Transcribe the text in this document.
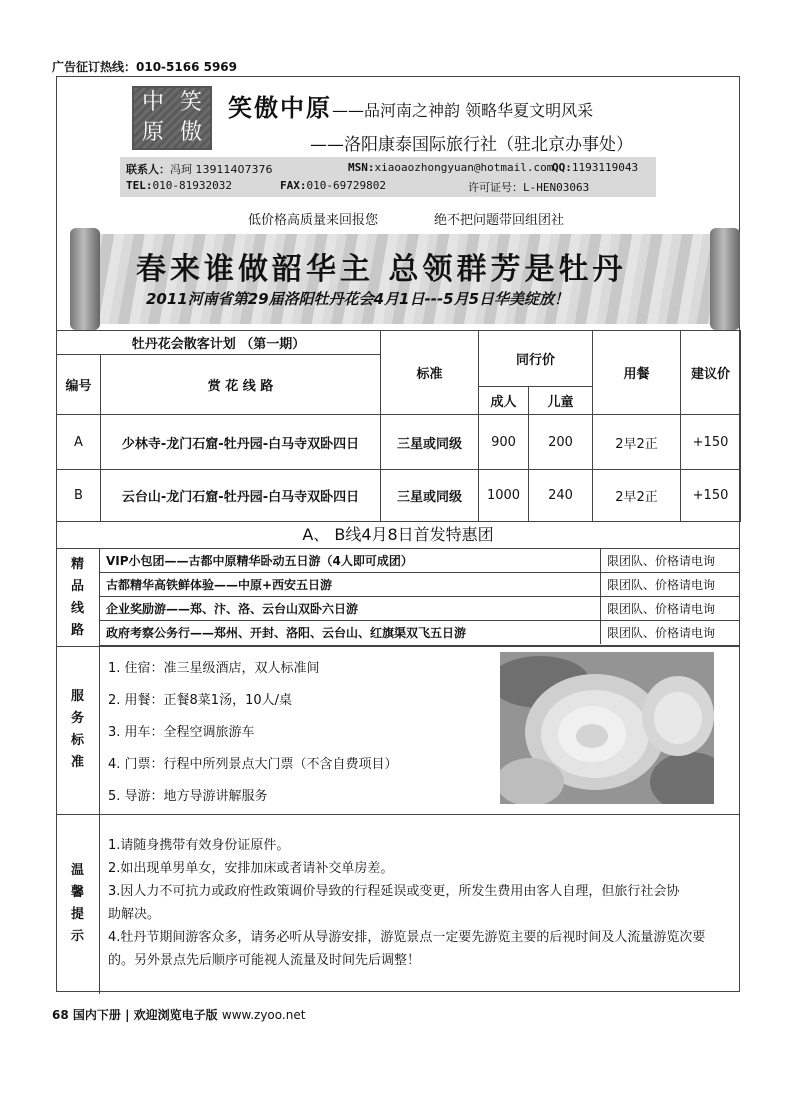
广告征订热线：010-5166 5969
中 笑
原 傲
笑傲中原——品河南之神韵 领略华夏文明风采
——洛阳康泰国际旅行社（驻北京办事处）
联系人：冯珂 13911407376	MSN:xiaoaozhongyuan@hotmail.com
QQ:1193119043
TEL:010-81932032	FAX:010-69729802	许可证号：L-HEN03063
低价格高质量来回报您	绝不把问题带回组团社
春来谁做韶华主 总领群芳是牡丹
2011河南省第29届洛阳牡丹花会4月1日---5月5日华美绽放！
牡丹花会散客计划 （第一期）		标准	同行价		用餐	建议价
编号	赏 花 线 路					
			成人	儿童		
A	少林寺-龙门石窟-牡丹园-白马寺双卧四日	三星或同级	900	200	2早2正	+150
B	云台山-龙门石窟-牡丹园-白马寺双卧四日	三星或同级	1000	240	2早2正	+150
A、 B线4月8日首发特惠团
精
品
线
路
VIP小包团——古都中原精华卧动五日游（4人即可成团）	限团队、价格请电询
古都精华高铁鲜体验——中原+西安五日游	限团队、价格请电询
企业奖励游——郑、汴、洛、云台山双卧六日游	限团队、价格请电询
政府考察公务行——郑州、开封、洛阳、云台山、红旗渠双飞五日游	限团队、价格请电询
服
务
标
准
1. 住宿：准三星级酒店，双人标准间
2. 用餐：正餐8菜1汤，10人/桌
3. 用车：全程空调旅游车
4. 门票：行程中所列景点大门票（不含自费项目）
5. 导游：地方导游讲解服务
温
馨
提
示
1.请随身携带有效身份证原件。
2.如出现单男单女，安排加床或者请补交单房差。
3.因人力不可抗力或政府性政策调价导致的行程延误或变更，所发生费用由客人自理，但旅行社会协
助解决。
4.牡丹节期间游客众多，请务必听从导游安排，游览景点一定要先游览主要的后视时间及人流量游览次要
的。另外景点先后顺序可能视人流量及时间先后调整！
68 国内下册 | 欢迎浏览电子版 www.zyoo.net
